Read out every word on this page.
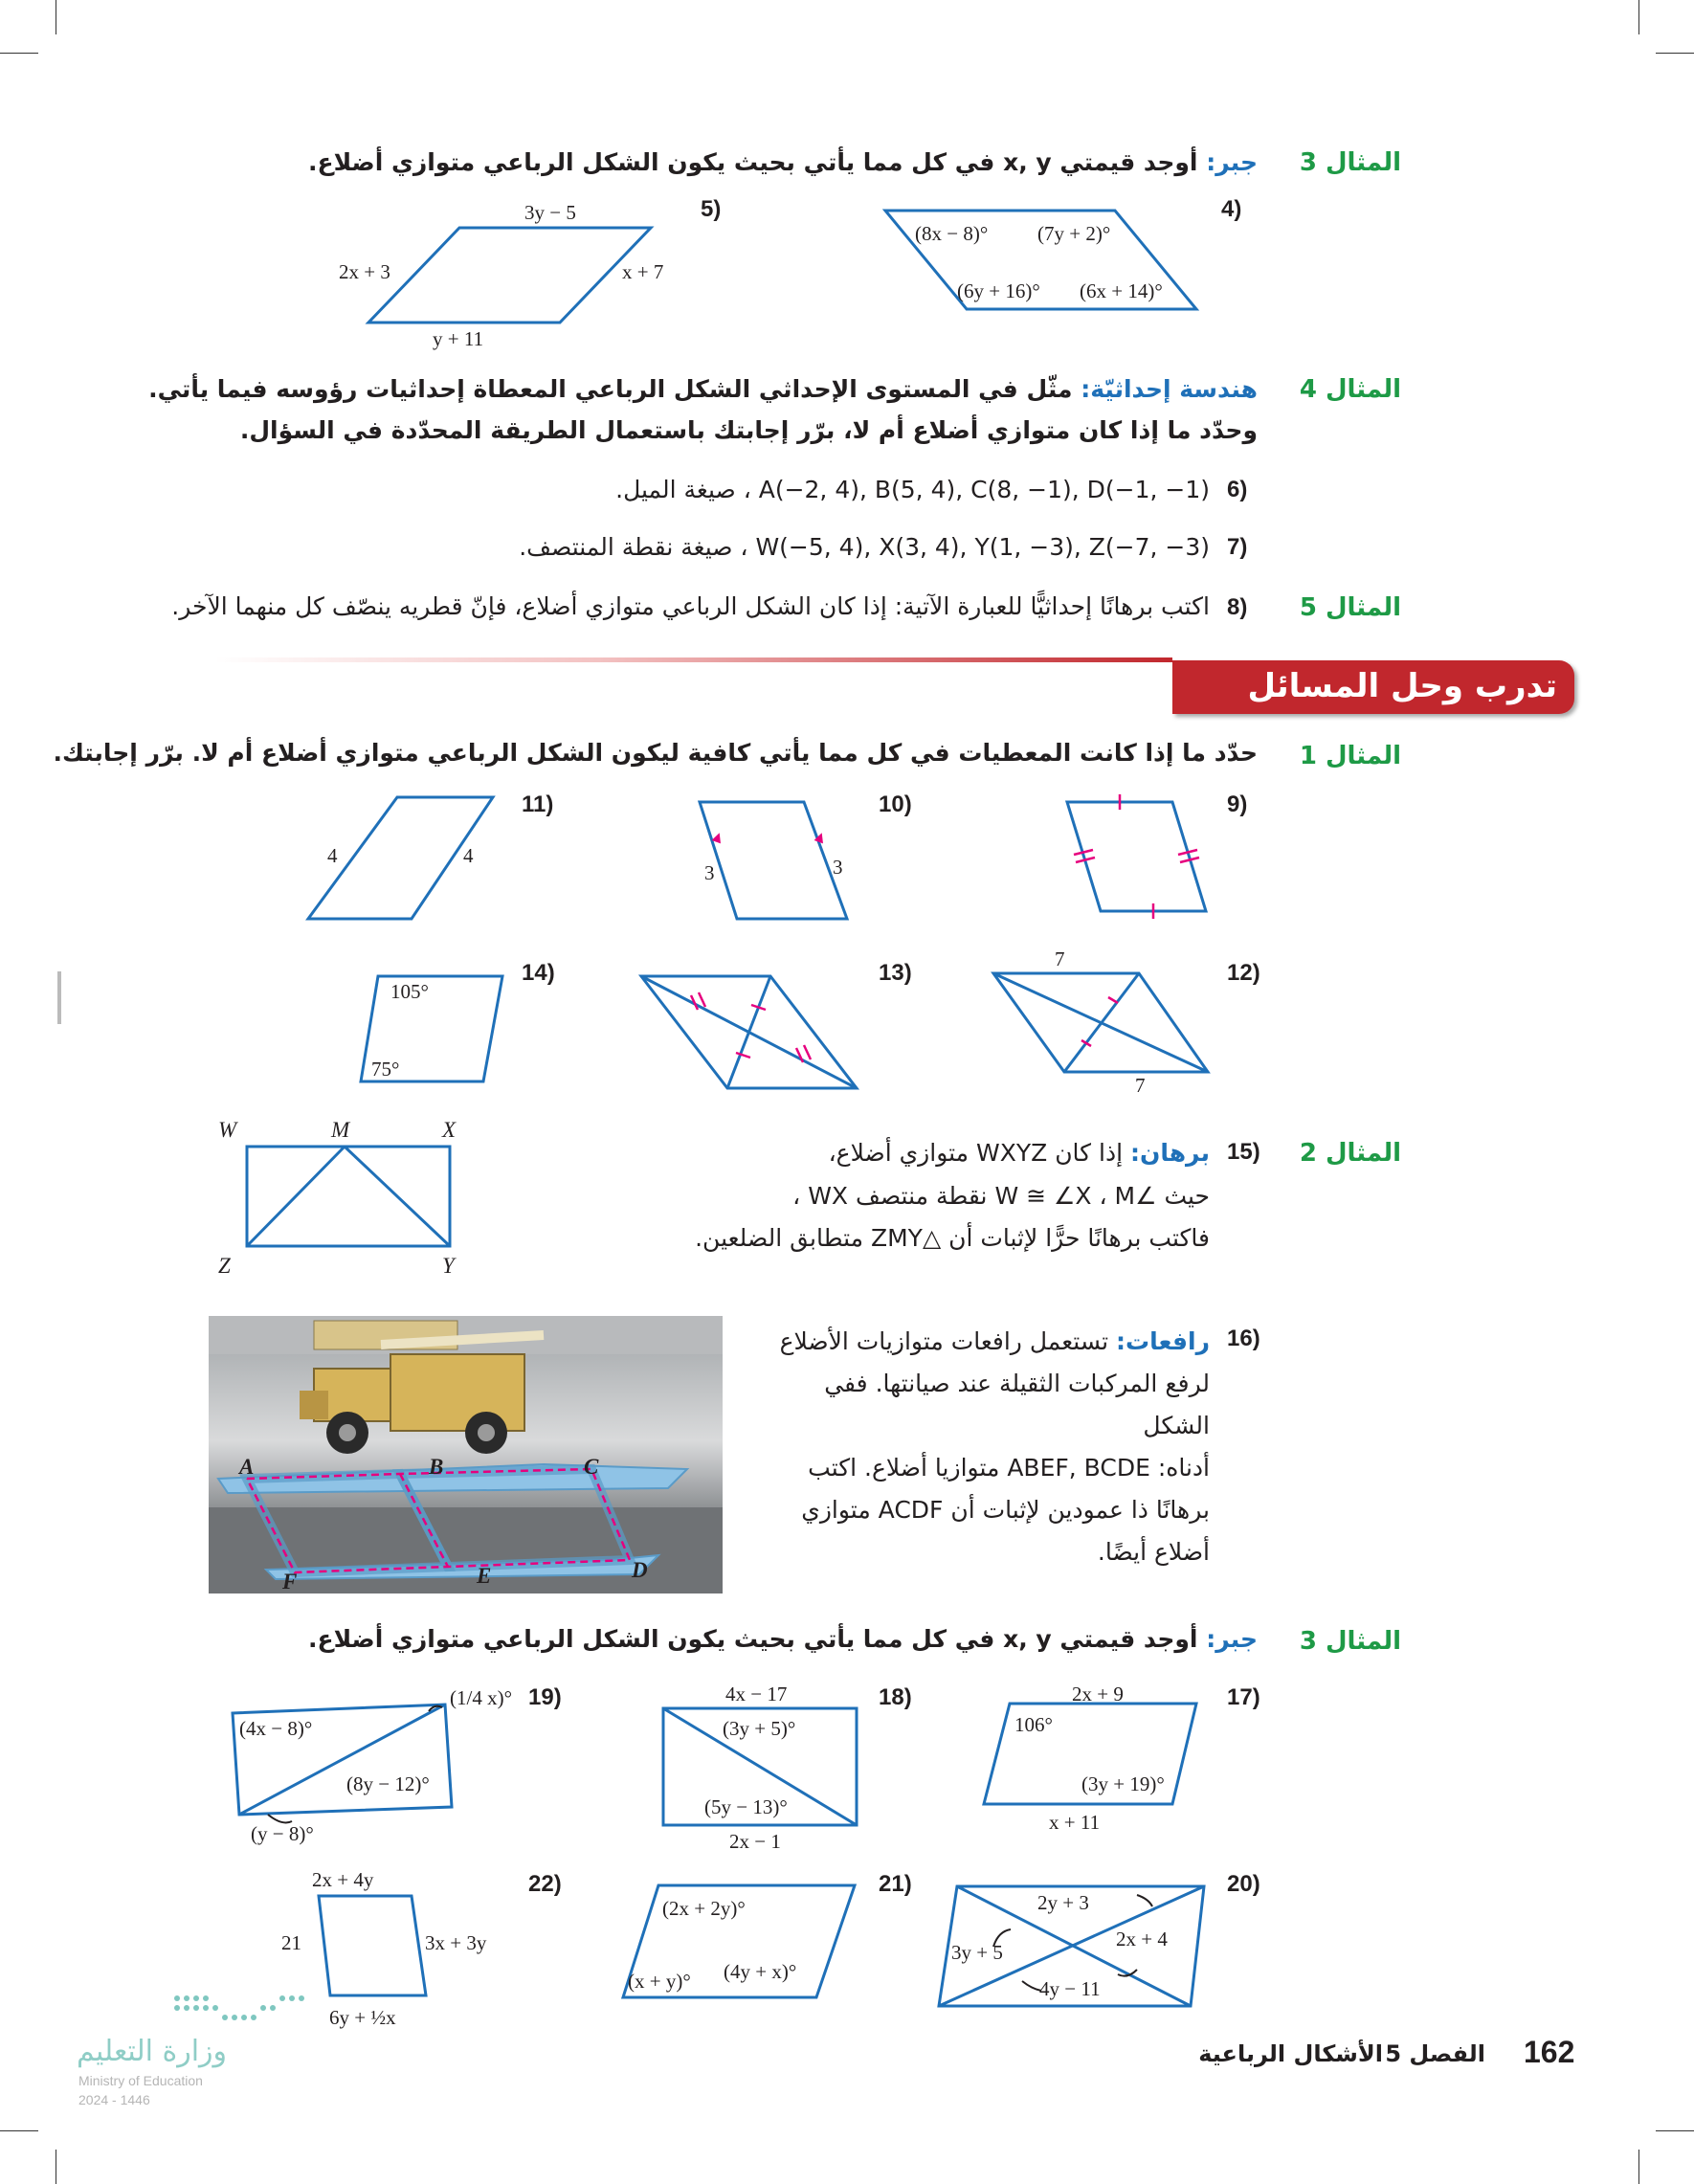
المثال 3
جبر: أوجد قيمتي x, y في كل مما يأتي بحيث يكون الشكل الرباعي متوازي أضلاع.
4)
5)
(8x − 8)° (7y + 2)°
(6y + 16)° (6x + 14)°
3y − 5
2x + 3	x + 7
y + 11
المثال 4
هندسة إحداثيّة: مثّل في المستوى الإحداثي الشكل الرباعي المعطاة إحداثيات رؤوسه فيما يأتي.
وحدّد ما إذا كان متوازي أضلاع أم لا، برّر إجابتك باستعمال الطريقة المحدّدة في السؤال.
6)
A(−2, 4), B(5, 4), C(8, −1), D(−1, −1) ، صيغة الميل.
7)
W(−5, 4), X(3, 4), Y(1, −3), Z(−7, −3) ، صيغة نقطة المنتصف.
المثال 5
8)
اكتب برهانًا إحداثيًّا للعبارة الآتية: إذا كان الشكل الرباعي متوازي أضلاع، فإنّ قطريه ينصّف كل منهما الآخر.
تدرب وحل المسائل
المثال 1
حدّد ما إذا كانت المعطيات في كل مما يأتي كافية ليكون الشكل الرباعي متوازي أضلاع أم لا. برّر إجابتك.
9)
10)
3	3
11)
4	4
12)
7
7
13)
14)
105°
75°
المثال 2
15)
برهان: إذا كان WXYZ متوازي أضلاع،
حيث ∠W ≅ ∠X ، M نقطة منتصف WX ،
فاكتب برهانًا حرًّا لإثبات أن △ZMY متطابق الضلعين.
W	M	X
Z	Y
16)
رافعات: تستعمل رافعات متوازيات الأضلاع
لرفع المركبات الثقيلة عند صيانتها. ففي الشكل
أدناه: ABEF, BCDE متوازيا أضلاع. اكتب
برهانًا ذا عمودين لإثبات أن ACDF متوازي
أضلاع أيضًا.
A	B	C
F	E	D
المثال 3
جبر: أوجد قيمتي x, y في كل مما يأتي بحيث يكون الشكل الرباعي متوازي أضلاع.
17)
2x + 9
106°
(3y + 19)°
x + 11
18)
4x − 17
(3y + 5)°
(5y − 13)°
2x − 1
19)
(4x − 8)°
(1/4 x)°
(8y − 12)°
(y − 8)°
20)
2y + 3
2x + 4
3y + 5
4y − 11
21)
(2x + 2y)°
(x + y)° (4y + x)°
22)
2x + 4y
21	3x + 3y
6y + ½x
وزارة التعليم
Ministry of Education
2024 - 1446
162
الفصل 5
الأشكال الرباعية
